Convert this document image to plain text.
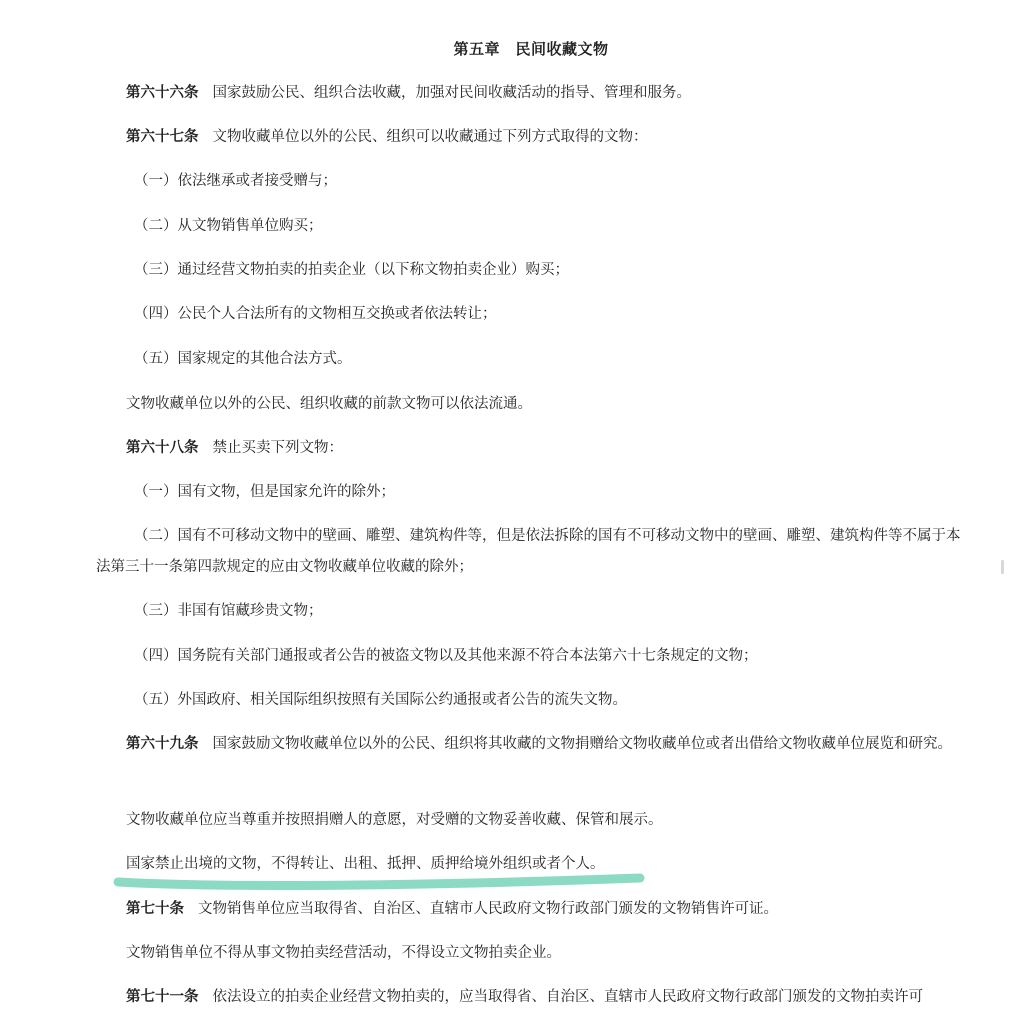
第五章　民间收藏文物
第六十六条 国家鼓励公民、组织合法收藏，加强对民间收藏活动的指导、管理和服务。
第六十七条 文物收藏单位以外的公民、组织可以收藏通过下列方式取得的文物：
（一）依法继承或者接受赠与；
（二）从文物销售单位购买；
（三）通过经营文物拍卖的拍卖企业（以下称文物拍卖企业）购买；
（四）公民个人合法所有的文物相互交换或者依法转让；
（五）国家规定的其他合法方式。
文物收藏单位以外的公民、组织收藏的前款文物可以依法流通。
第六十八条 禁止买卖下列文物：
（一）国有文物，但是国家允许的除外；
（二）国有不可移动文物中的壁画、雕塑、建筑构件等，但是依法拆除的国有不可移动文物中的壁画、雕塑、建筑构件等不属于本法第三十一条第四款规定的应由文物收藏单位收藏的除外；
（三）非国有馆藏珍贵文物；
（四）国务院有关部门通报或者公告的被盗文物以及其他来源不符合本法第六十七条规定的文物；
（五）外国政府、相关国际组织按照有关国际公约通报或者公告的流失文物。
第六十九条 国家鼓励文物收藏单位以外的公民、组织将其收藏的文物捐赠给文物收藏单位或者出借给文物收藏单位展览和研究。
文物收藏单位应当尊重并按照捐赠人的意愿，对受赠的文物妥善收藏、保管和展示。
国家禁止出境的文物，不得转让、出租、抵押、质押给境外组织或者个人。
第七十条 文物销售单位应当取得省、自治区、直辖市人民政府文物行政部门颁发的文物销售许可证。
文物销售单位不得从事文物拍卖经营活动，不得设立文物拍卖企业。
第七十一条 依法设立的拍卖企业经营文物拍卖的，应当取得省、自治区、直辖市人民政府文物行政部门颁发的文物拍卖许可
